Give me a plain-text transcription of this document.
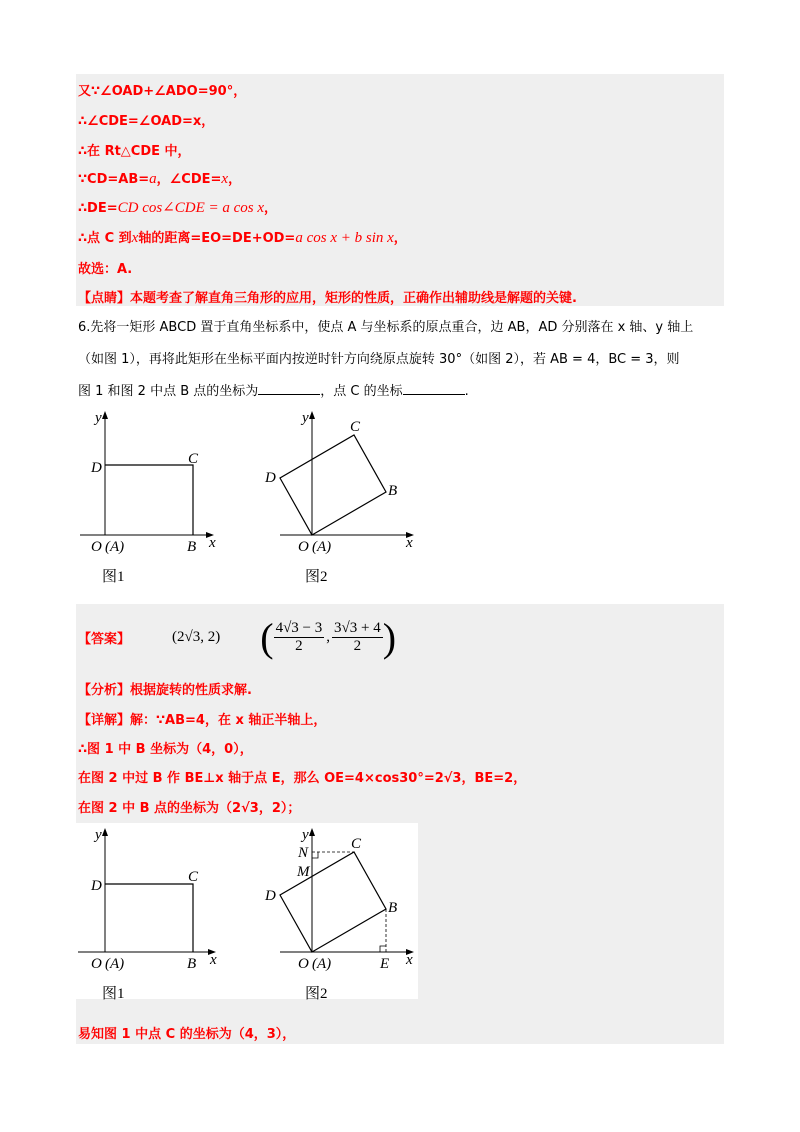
又∵∠OAD+∠ADO=90°，
∴∠CDE=∠OAD=x，
∴在 Rt△CDE 中，
∵CD=AB=a，∠CDE=x，
∴DE=CD cos∠CDE = a cos x，
∴点 C 到x轴的距离=EO=DE+OD=a cos x + b sin x，
故选：A.
【点睛】本题考查了解直角三角形的应用，矩形的性质，正确作出辅助线是解题的关键.
6.先将一矩形 ABCD 置于直角坐标系中，使点 A 与坐标系的原点重合，边 AB，AD 分别落在 x 轴、y 轴上
（如图 1），再将此矩形在坐标平面内按逆时针方向绕原点旋转 30°（如图 2），若 AB = 4，BC = 3，则
图 1 和图 2 中点 B 点的坐标为	，点 C 的坐标	.
y
x
D
C
O (A)	B
图1
y
x
D
C
B
O (A)
图2
【答案】	(2√3, 2) ( $\frac{4√3 - 3}{2}$ , $\frac{3√3 + 4}{2}$ )
【分析】根据旋转的性质求解.
【详解】解：∵AB=4，在 x 轴正半轴上，
∴图 1 中 B 坐标为（4，0），
在图 2 中过 B 作 BE⊥x 轴于点 E，那么 OE=4×cos30°=2√3，BE=2，
在图 2 中 B 点的坐标为（2√3，2）；
y
x
D
C
O (A)	B
图1
y
x
N
M
D
C
B
O (A)	E
图2
易知图 1 中点 C 的坐标为（4，3），
